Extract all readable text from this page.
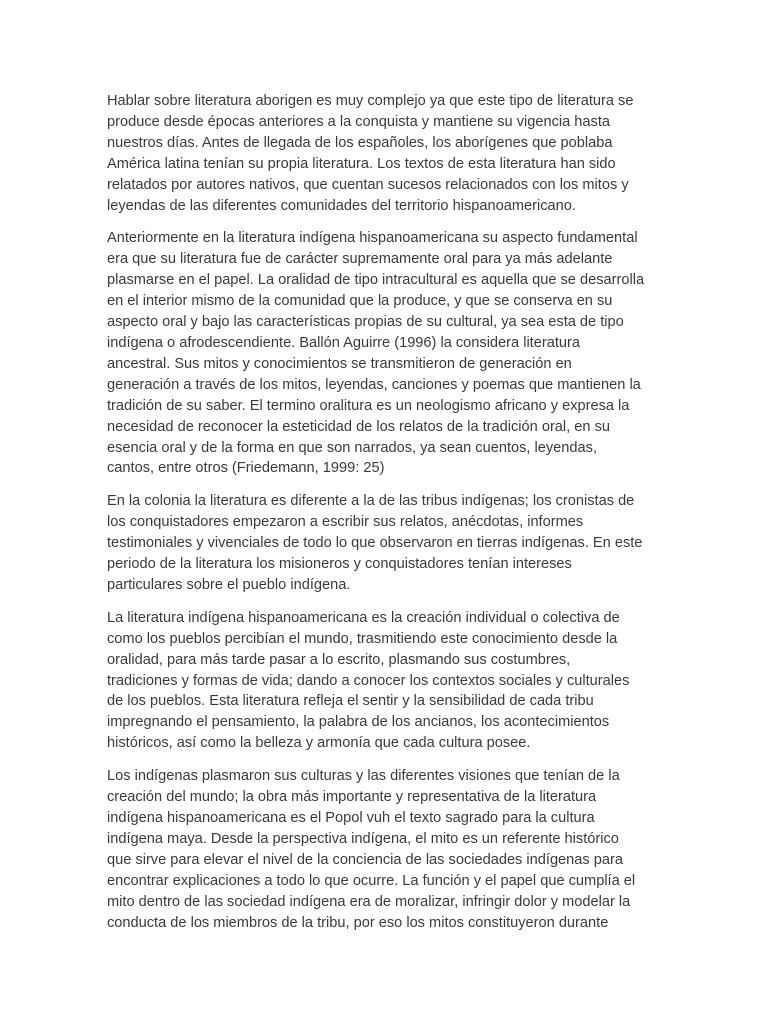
Hablar sobre literatura aborigen es muy complejo ya que este tipo de literatura se
produce desde épocas anteriores a la conquista y mantiene su vigencia hasta
nuestros días. Antes de llegada de los españoles, los aborígenes que poblaba
América latina tenían su propia literatura. Los textos de esta literatura han sido
relatados por autores nativos, que cuentan sucesos relacionados con los mitos y
leyendas de las diferentes comunidades del territorio hispanoamericano.
Anteriormente en la literatura indígena hispanoamericana su aspecto fundamental
era que su literatura fue de carácter supremamente oral para ya más adelante
plasmarse en el papel. La oralidad de tipo intracultural es aquella que se desarrolla
en el interior mismo de la comunidad que la produce, y que se conserva en su
aspecto oral y bajo las características propias de su cultural, ya sea esta de tipo
indígena o afrodescendiente. Ballón Aguirre (1996) la considera literatura
ancestral. Sus mitos y conocimientos se transmitieron de generación en
generación a través de los mitos, leyendas, canciones y poemas que mantienen la
tradición de su saber. El termino oralitura es un neologismo africano y expresa la
necesidad de reconocer la esteticidad de los relatos de la tradición oral, en su
esencia oral y de la forma en que son narrados, ya sean cuentos, leyendas,
cantos, entre otros (Friedemann, 1999: 25)
En la colonia la literatura es diferente a la de las tribus indígenas; los cronistas de
los conquistadores empezaron a escribir sus relatos, anécdotas, informes
testimoniales y vivenciales de todo lo que observaron en tierras indígenas. En este
periodo de la literatura los misioneros y conquistadores tenían intereses
particulares sobre el pueblo indígena.
La literatura indígena hispanoamericana es la creación individual o colectiva de
como los pueblos percibían el mundo, trasmitiendo este conocimiento desde la
oralidad, para más tarde pasar a lo escrito, plasmando sus costumbres,
tradiciones y formas de vida; dando a conocer los contextos sociales y culturales
de los pueblos. Esta literatura refleja el sentir y la sensibilidad de cada tribu
impregnando el pensamiento, la palabra de los ancianos, los acontecimientos
históricos, así como la belleza y armonía que cada cultura posee.
Los indígenas plasmaron sus culturas y las diferentes visiones que tenían de la
creación del mundo; la obra más importante y representativa de la literatura
indígena hispanoamericana es el Popol vuh el texto sagrado para la cultura
indígena maya. Desde la perspectiva indígena, el mito es un referente histórico
que sirve para elevar el nivel de la conciencia de las sociedades indígenas para
encontrar explicaciones a todo lo que ocurre. La función y el papel que cumplía el
mito dentro de las sociedad indígena era de moralizar, infringir dolor y modelar la
conducta de los miembros de la tribu, por eso los mitos constituyeron durante
